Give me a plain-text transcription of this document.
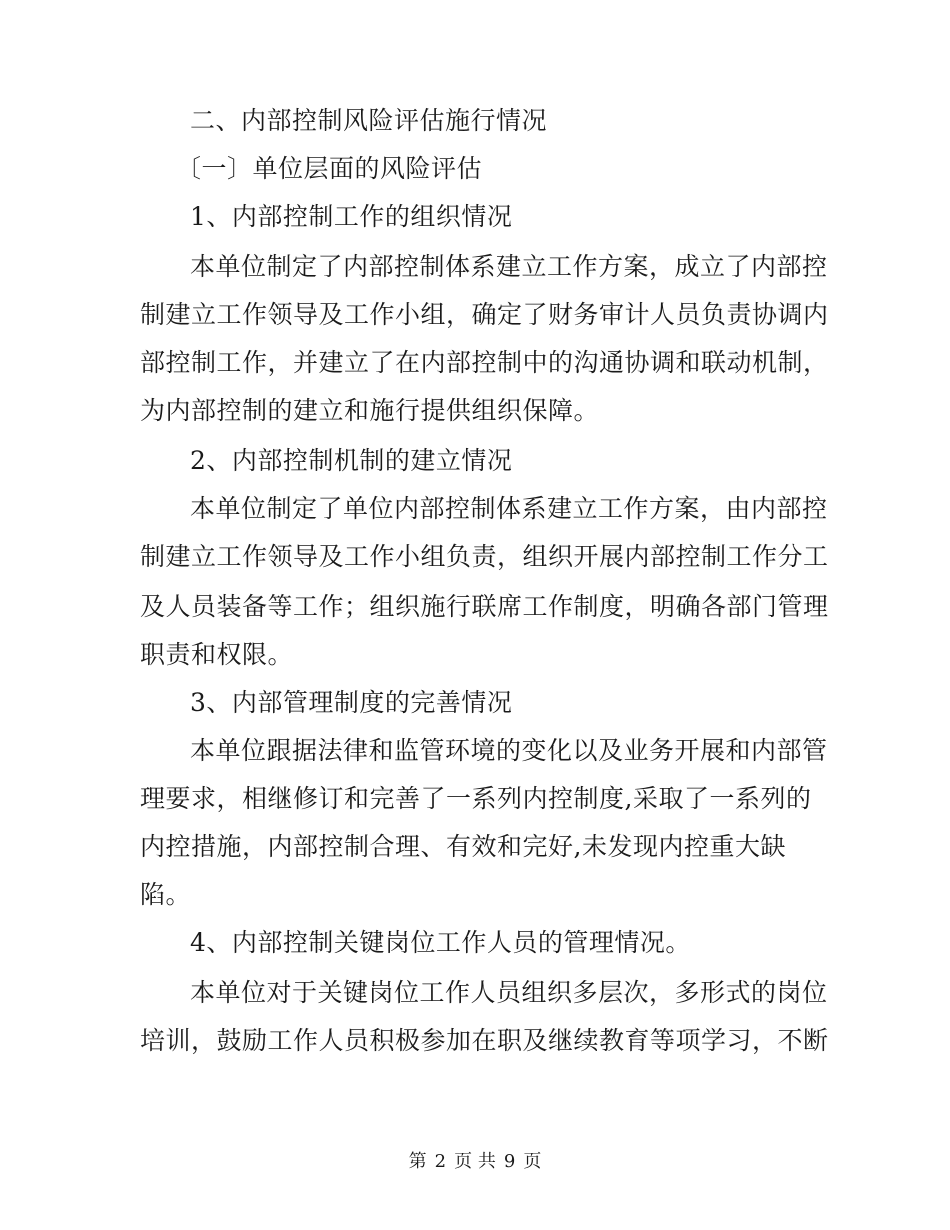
二、内部控制风险评估施行情况
〔一〕单位层面的风险评估
1、内部控制工作的组织情况
本单位制定了内部控制体系建立工作方案，成立了内部控
制建立工作领导及工作小组，确定了财务审计人员负责协调内
部控制工作，并建立了在内部控制中的沟通协调和联动机制，
为内部控制的建立和施行提供组织保障。
2、内部控制机制的建立情况
本单位制定了单位内部控制体系建立工作方案，由内部控
制建立工作领导及工作小组负责，组织开展内部控制工作分工
及人员装备等工作；组织施行联席工作制度，明确各部门管理
职责和权限。
3、内部管理制度的完善情况
本单位跟据法律和监管环境的变化以及业务开展和内部管
理要求，相继修订和完善了一系列内控制度,采取了一系列的
内控措施，内部控制合理、有效和完好,未发现内控重大缺
陷。
4、内部控制关键岗位工作人员的管理情况。
本单位对于关键岗位工作人员组织多层次，多形式的岗位
培训，鼓励工作人员积极参加在职及继续教育等项学习，不断
第 2 页 共 9 页
